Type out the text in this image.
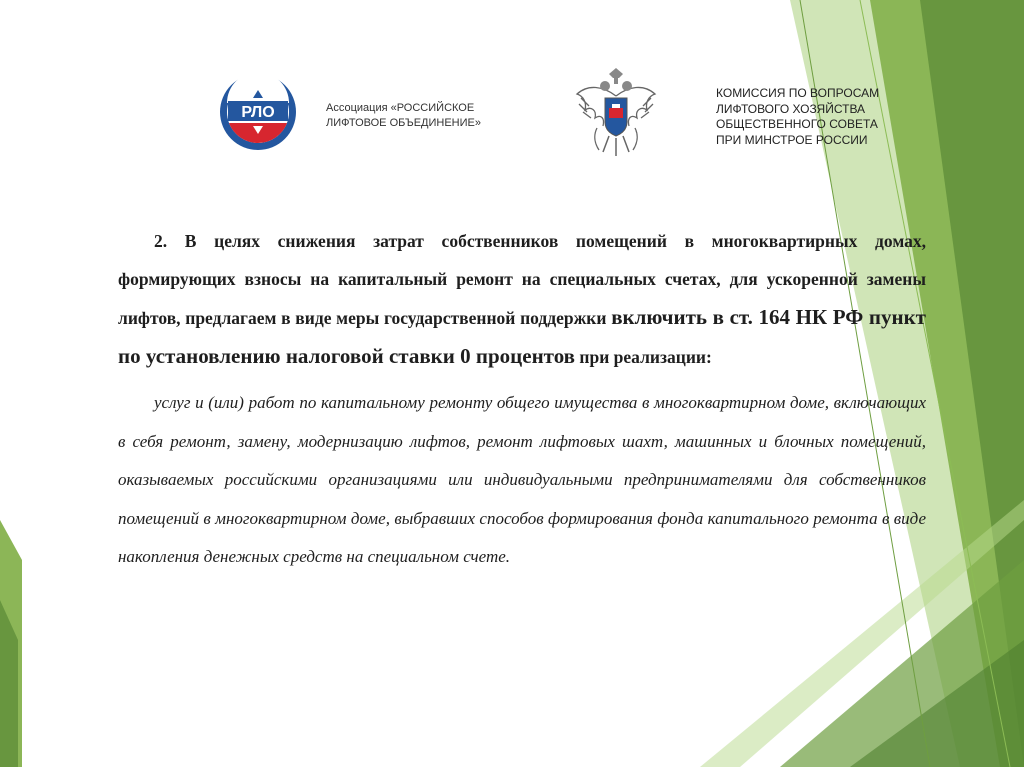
РЛО	Ассоциация «РОССИЙСКОЕ
ЛИФТОВОЕ ОБЪЕДИНЕНИЕ»
КОМИССИЯ ПО ВОПРОСАМ
ЛИФТОВОГО ХОЗЯЙСТВА
ОБЩЕСТВЕННОГО СОВЕТА
ПРИ МИНСТРОЕ РОССИИ

2. В целях снижения затрат собственников помещений в многоквартирных домах, формирующих взносы на капитальный ремонт на специальных счетах, для ускоренной замены лифтов, предлагаем в виде меры государственной поддержки включить в ст. 164 НК РФ пункт по установлению налоговой ставки 0 процентов при реализации:

услуг и (или) работ по капитальному ремонту общего имущества в многоквартирном доме, включающих в себя ремонт, замену, модернизацию лифтов, ремонт лифтовых шахт, машинных и блочных помещений, оказываемых российскими организациями или индивидуальными предпринимателями для собственников помещений в многоквартирном доме, выбравших способов формирования фонда капитального ремонта в виде накопления денежных средств на специальном счете.
